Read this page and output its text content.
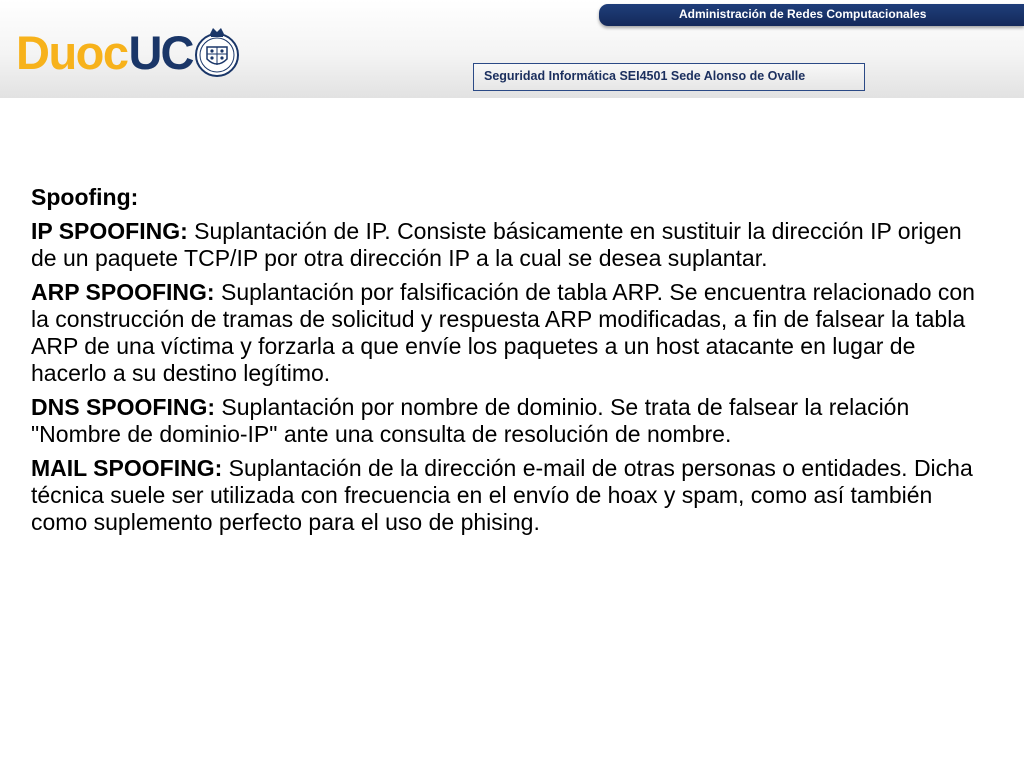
Duoc UC
Administración de Redes Computacionales
Seguridad Informática SEI4501 Sede Alonso de Ovalle

Spoofing:

IP SPOOFING: Suplantación de IP. Consiste básicamente en sustituir la dirección IP origen de un paquete TCP/IP por otra dirección IP a la cual se desea suplantar.

ARP SPOOFING: Suplantación por falsificación de tabla ARP. Se encuentra relacionado con la construcción de tramas de solicitud y respuesta ARP modificadas, a fin de falsear la tabla ARP de una víctima y forzarla a que envíe los paquetes a un host atacante en lugar de hacerlo a su destino legítimo.

DNS SPOOFING: Suplantación por nombre de dominio. Se trata de falsear la relación "Nombre de dominio-IP" ante una consulta de resolución de nombre.

MAIL SPOOFING: Suplantación de la dirección e-mail de otras personas o entidades. Dicha técnica suele ser utilizada con frecuencia en el envío de hoax y spam, como así también como suplemento perfecto para el uso de phising.
